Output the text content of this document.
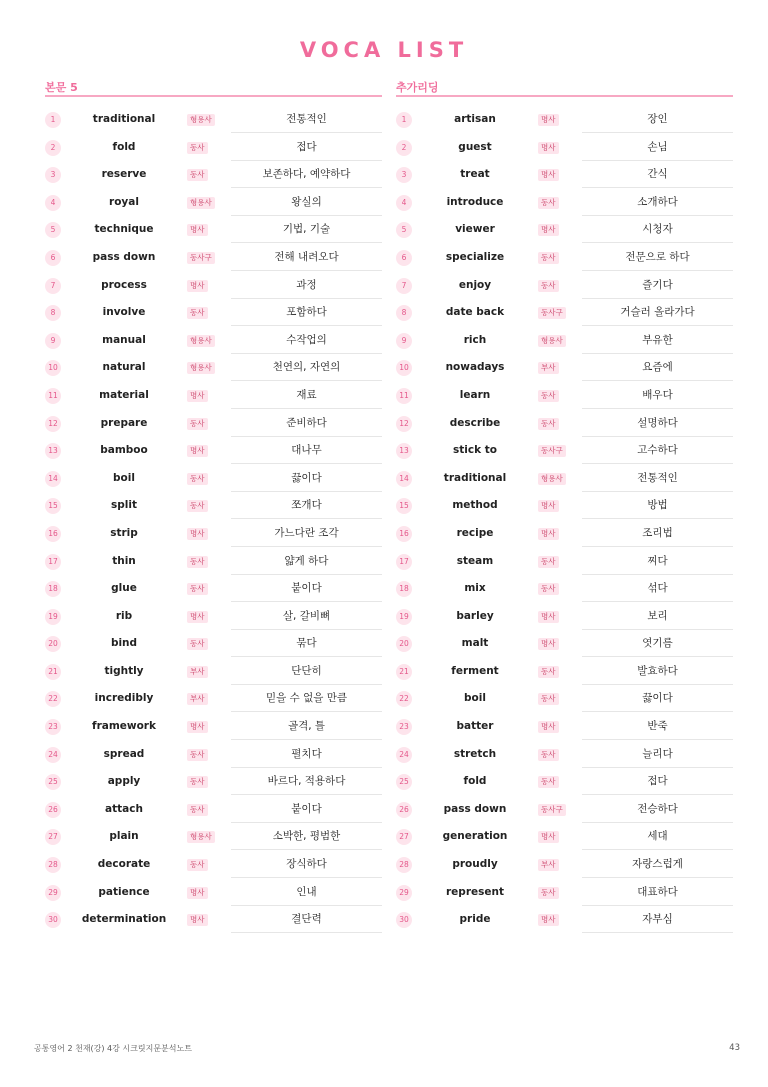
VOCA LIST
본문 5
1	traditional	형용사	전통적인
2	fold	동사	접다
3	reserve	동사	보존하다, 예약하다
4	royal	형용사	왕실의
5	technique	명사	기법, 기술
6	pass down	동사구	전해 내려오다
7	process	명사	과정
8	involve	동사	포함하다
9	manual	형용사	수작업의
10	natural	형용사	천연의, 자연의
11	material	명사	재료
12	prepare	동사	준비하다
13	bamboo	명사	대나무
14	boil	동사	끓이다
15	split	동사	쪼개다
16	strip	명사	가느다란 조각
17	thin	동사	얇게 하다
18	glue	동사	붙이다
19	rib	명사	살, 갈비뼈
20	bind	동사	묶다
21	tightly	부사	단단히
22	incredibly	부사	믿을 수 없을 만큼
23	framework	명사	골격, 틀
24	spread	동사	펼치다
25	apply	동사	바르다, 적용하다
26	attach	동사	붙이다
27	plain	형용사	소박한, 평범한
28	decorate	동사	장식하다
29	patience	명사	인내
30	determination	명사	결단력
추가리딩
1	artisan	명사	장인
2	guest	명사	손님
3	treat	명사	간식
4	introduce	동사	소개하다
5	viewer	명사	시청자
6	specialize	동사	전문으로 하다
7	enjoy	동사	즐기다
8	date back	동사구	거슬러 올라가다
9	rich	형용사	부유한
10	nowadays	부사	요즘에
11	learn	동사	배우다
12	describe	동사	설명하다
13	stick to	동사구	고수하다
14	traditional	형용사	전통적인
15	method	명사	방법
16	recipe	명사	조리법
17	steam	동사	찌다
18	mix	동사	섞다
19	barley	명사	보리
20	malt	명사	엿기름
21	ferment	동사	발효하다
22	boil	동사	끓이다
23	batter	명사	반죽
24	stretch	동사	늘리다
25	fold	동사	접다
26	pass down	동사구	전승하다
27	generation	명사	세대
28	proudly	부사	자랑스럽게
29	represent	동사	대표하다
30	pride	명사	자부심
공통영어 2 천재(강) 4강 시크릿지문분석노트	43
